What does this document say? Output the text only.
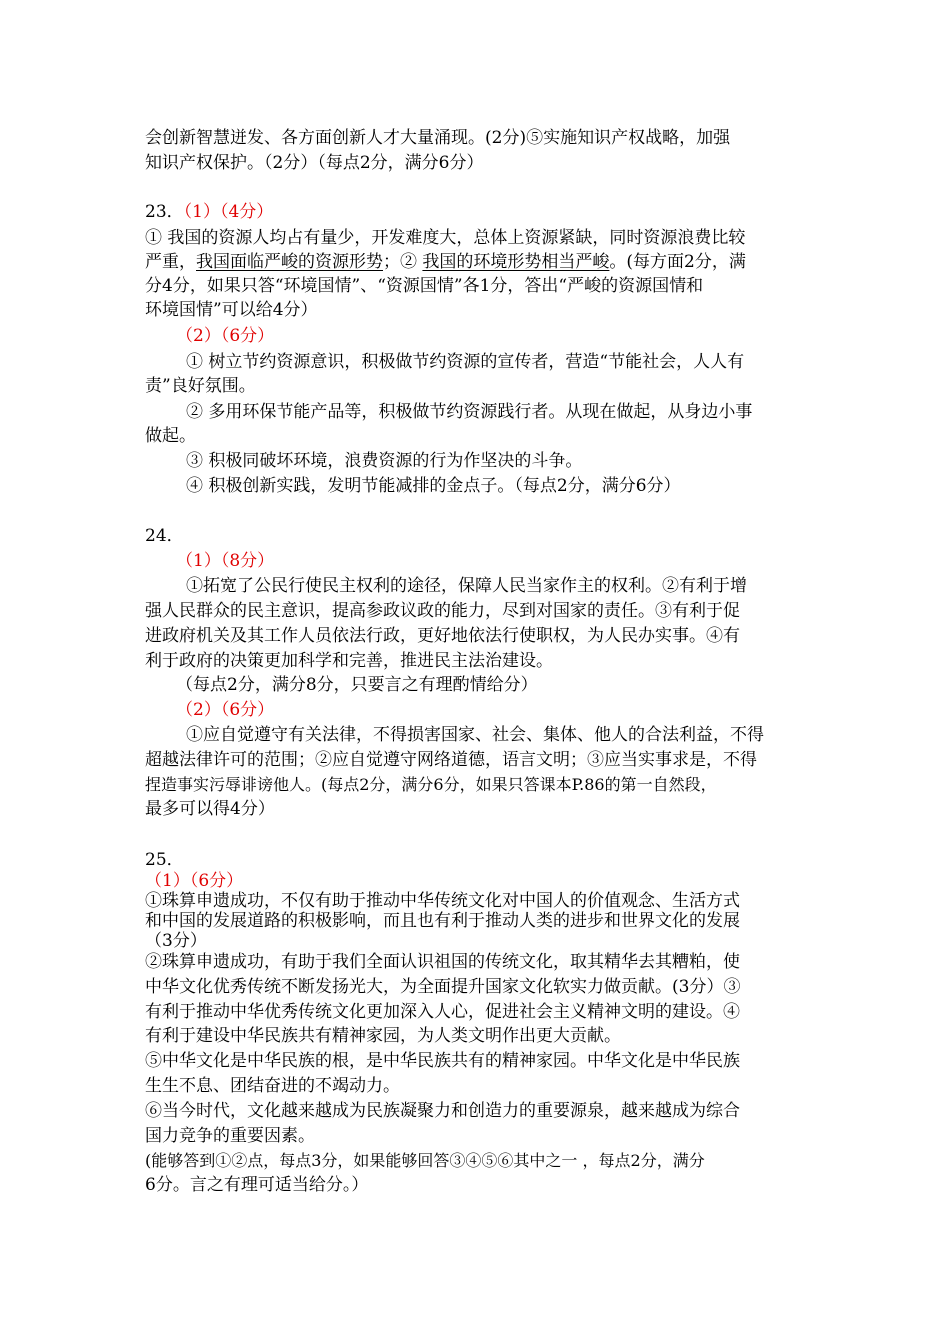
会创新智慧迸发、各方面创新人才大量涌现。(2分)⑤实施知识产权战略，加强
知识产权保护。（2分）（每点2分，满分6分）
23．（1）（4分）
① 我国的资源人均占有量少，开发难度大，总体上资源紧缺，同时资源浪费比较
严重，我国面临严峻的资源形势；② 我国的环境形势相当严峻。(每方面2分，满
分4分，如果只答“环境国情”、“资源国情”各1分，答出“严峻的资源国情和
环境国情”可以给4分）
（2）（6分）
① 树立节约资源意识，积极做节约资源的宣传者，营造“节能社会，人人有
责”良好氛围。
② 多用环保节能产品等，积极做节约资源践行者。从现在做起，从身边小事
做起。
③ 积极同破坏环境，浪费资源的行为作坚决的斗争。
④ 积极创新实践，发明节能减排的金点子。（每点2分，满分6分）
24．
（1）（8分）
①拓宽了公民行使民主权利的途径，保障人民当家作主的权利。②有利于增
强人民群众的民主意识，提高参政议政的能力，尽到对国家的责任。③有利于促
进政府机关及其工作人员依法行政，更好地依法行使职权，为人民办实事。④有
利于政府的决策更加科学和完善，推进民主法治建设。
（每点2分，满分8分，只要言之有理酌情给分）
（2）（6分）
①应自觉遵守有关法律，不得损害国家、社会、集体、他人的合法利益，不得
超越法律许可的范围；②应自觉遵守网络道德，语言文明；③应当实事求是，不得
捏造事实污辱诽谤他人。(每点2分，满分6分，如果只答课本P.86的第一自然段，
最多可以得4分）
25．
（1）（6分）
①珠算申遗成功，不仅有助于推动中华传统文化对中国人的价值观念、生活方式
和中国的发展道路的积极影响，而且也有利于推动人类的进步和世界文化的发展
（3分）
②珠算申遗成功，有助于我们全面认识祖国的传统文化，取其精华去其糟粕，使
中华文化优秀传统不断发扬光大，为全面提升国家文化软实力做贡献。(3分）③
有利于推动中华优秀传统文化更加深入人心，促进社会主义精神文明的建设。④
有利于建设中华民族共有精神家园，为人类文明作出更大贡献。
⑤中华文化是中华民族的根，是中华民族共有的精神家园。中华文化是中华民族
生生不息、团结奋进的不竭动力。
⑥当今时代，文化越来越成为民族凝聚力和创造力的重要源泉，越来越成为综合
国力竞争的重要因素。
(能够答到①②点，每点3分，如果能够回答③④⑤⑥其中之一 ，每点2分，满分
6分。言之有理可适当给分。）
